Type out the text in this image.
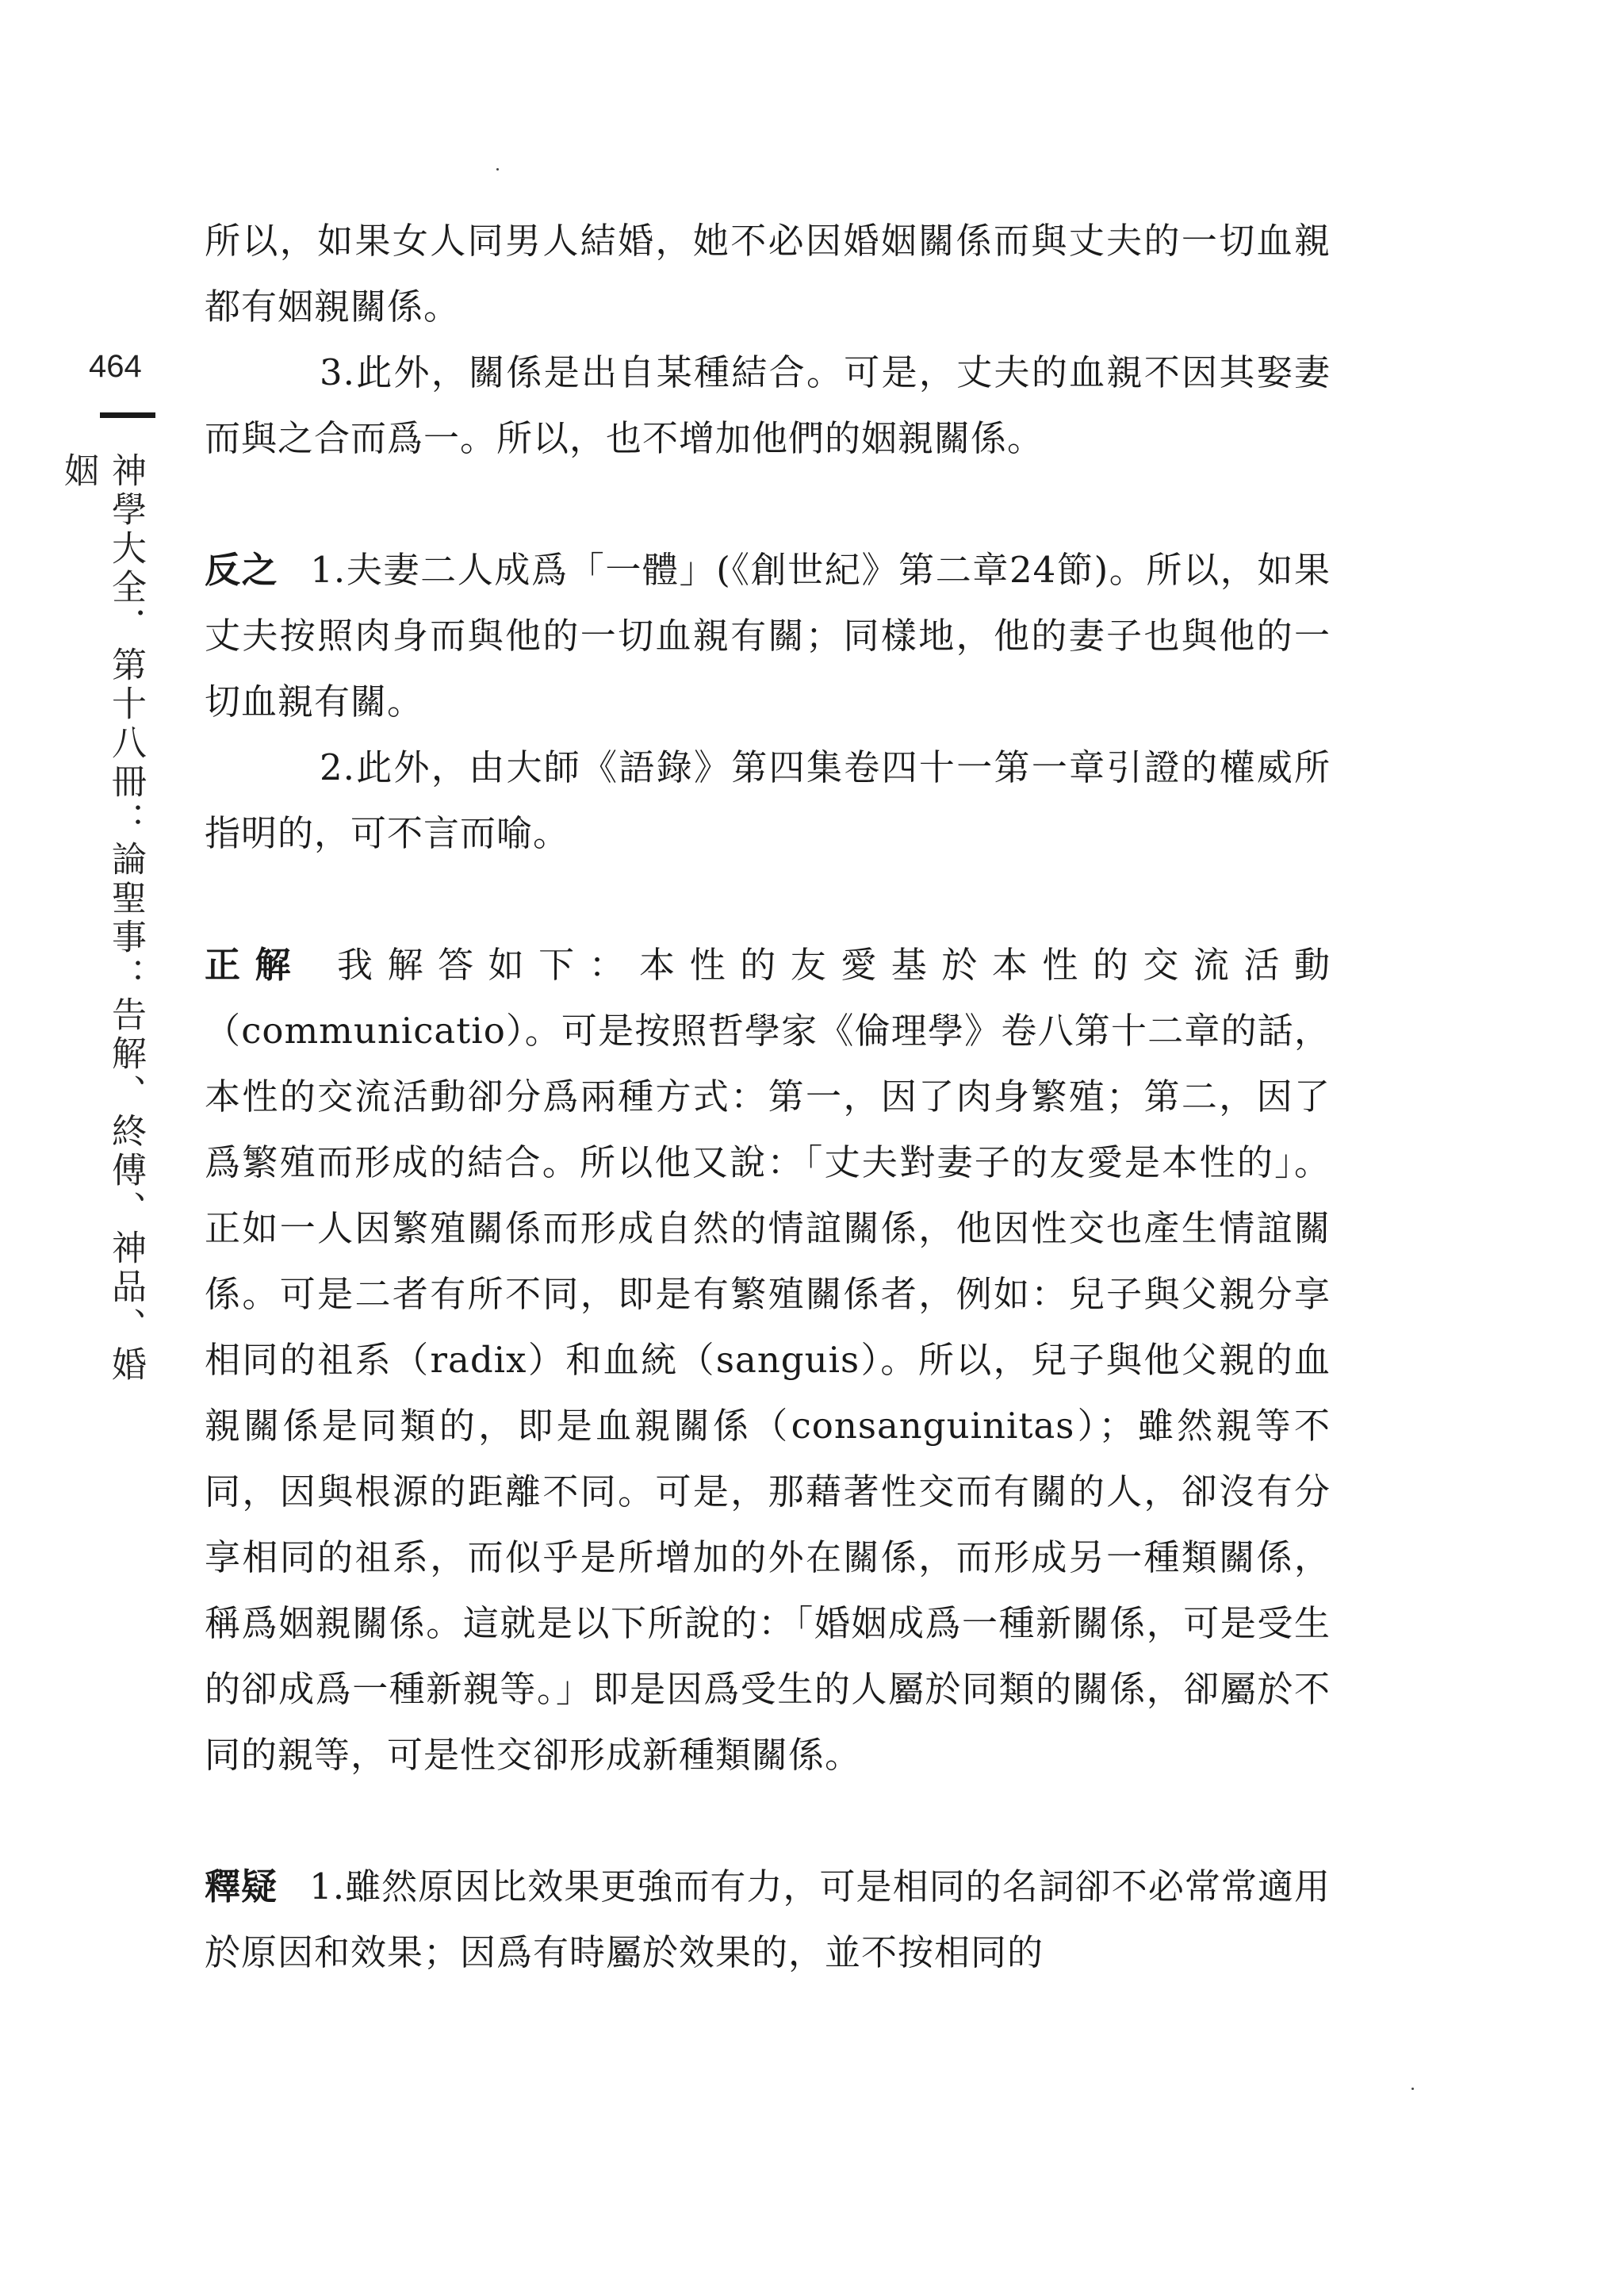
464
神學大全．第十八冊：論聖事：告解、終傅、神品、婚姻

所以，如果女人同男人結婚，她不必因婚姻關係而與丈夫的一切血親都有姻親關係。

3.此外，關係是出自某種結合。可是，丈夫的血親不因其娶妻而與之合而爲一。所以，也不增加他們的姻親關係。

反之 1.夫妻二人成爲「一體」(《創世紀》第二章24節)。所以，如果丈夫按照肉身而與他的一切血親有關；同樣地，他的妻子也與他的一切血親有關。

2.此外，由大師《語錄》第四集卷四十一第一章引證的權威所指明的，可不言而喻。

正解 我解答如下：本性的友愛基於本性的交流活動（communicatio）。可是按照哲學家《倫理學》卷八第十二章的話，本性的交流活動卻分爲兩種方式：第一，因了肉身繁殖；第二，因了爲繁殖而形成的結合。所以他又說：「丈夫對妻子的友愛是本性的」。正如一人因繁殖關係而形成自然的情誼關係，他因性交也產生情誼關係。可是二者有所不同，即是有繁殖關係者，例如：兒子與父親分享相同的祖系（radix）和血統（sanguis）。所以，兒子與他父親的血親關係是同類的，即是血親關係（consanguinitas）；雖然親等不同，因與根源的距離不同。可是，那藉著性交而有關的人，卻沒有分享相同的祖系，而似乎是所增加的外在關係，而形成另一種類關係，稱爲姻親關係。這就是以下所說的：「婚姻成爲一種新關係，可是受生的卻成爲一種新親等。」即是因爲受生的人屬於同類的關係，卻屬於不同的親等，可是性交卻形成新種類關係。

釋疑 1.雖然原因比效果更強而有力，可是相同的名詞卻不必常常適用於原因和效果；因爲有時屬於效果的，並不按相同的
